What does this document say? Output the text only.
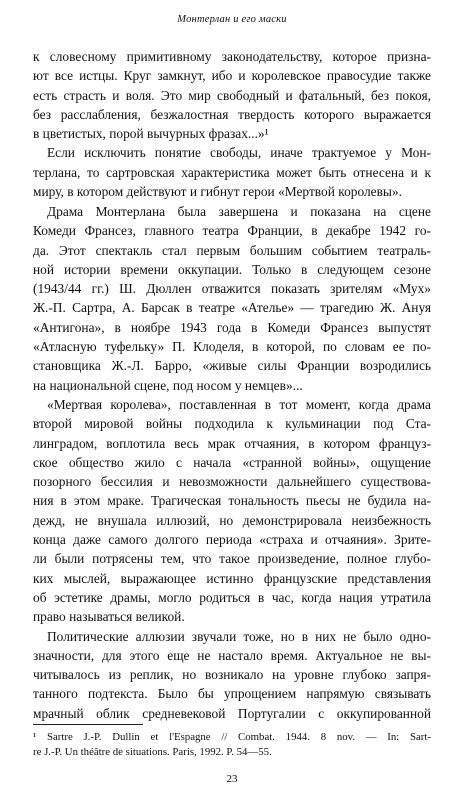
Монтерлан и его маски
к словесному примитивному законодательству, которое призна-
ют все истцы. Круг замкнут, ибо и королевское правосудие также
есть страсть и воля. Это мир свободный и фатальный, без покоя,
без расслабления, безжалостная твердость которого выражается
в цветистых, порой вычурных фразах...»¹
Если исключить понятие свободы, иначе трактуемое у Мон-
терлана, то сартровская характеристика может быть отнесена и к
миру, в котором действуют и гибнут герои «Мертвой королевы».
Драма Монтерлана была завершена и показана на сцене
Комеди Франсез, главного театра Франции, в декабре 1942 го-
да. Этот спектакль стал первым большим событием театраль-
ной истории времени оккупации. Только в следующем сезоне
(1943/44 гг.) Ш. Дюллен отважится показать зрителям «Мух»
Ж.-П. Сартра, А. Барсак в театре «Ателье» — трагедию Ж. Ануя
«Антигона», в ноябре 1943 года в Комеди Франсез выпустят
«Атласную туфельку» П. Клоделя, в которой, по словам ее по-
становщика Ж.-Л. Барро, «живые силы Франции возродились
на национальной сцене, под носом у немцев»...
«Мертвая королева», поставленная в тот момент, когда драма
второй мировой войны подходила к кульминации под Ста-
линградом, воплотила весь мрак отчаяния, в котором француз-
ское общество жило с начала «странной войны», ощущение
позорного бессилия и невозможности дальнейшего существова-
ния в этом мраке. Трагическая тональность пьесы не будила на-
дежд, не внушала иллюзий, но демонстрировала неизбежность
конца даже самого долгого периода «страха и отчаяния». Зрите-
ли были потрясены тем, что такое произведение, полное глубо-
ких мыслей, выражающее истинно французские представления
об эстетике драмы, могло родиться в час, когда нация утратила
право называться великой.
Политические аллюзии звучали тоже, но в них не было одно-
значности, для этого еще не настало время. Актуальное не вы-
читывалось из реплик, но возникало на уровне глубоко запря-
танного подтекста. Было бы упрощением напрямую связывать
мрачный облик средневековой Португалии с оккупированной
¹ Sartre J.-P. Dullin et l'Espagne // Combat. 1944. 8 nov. — In: Sart-
re J.-P. Un théâtre de situations. Paris, 1992. P. 54—55.
23
